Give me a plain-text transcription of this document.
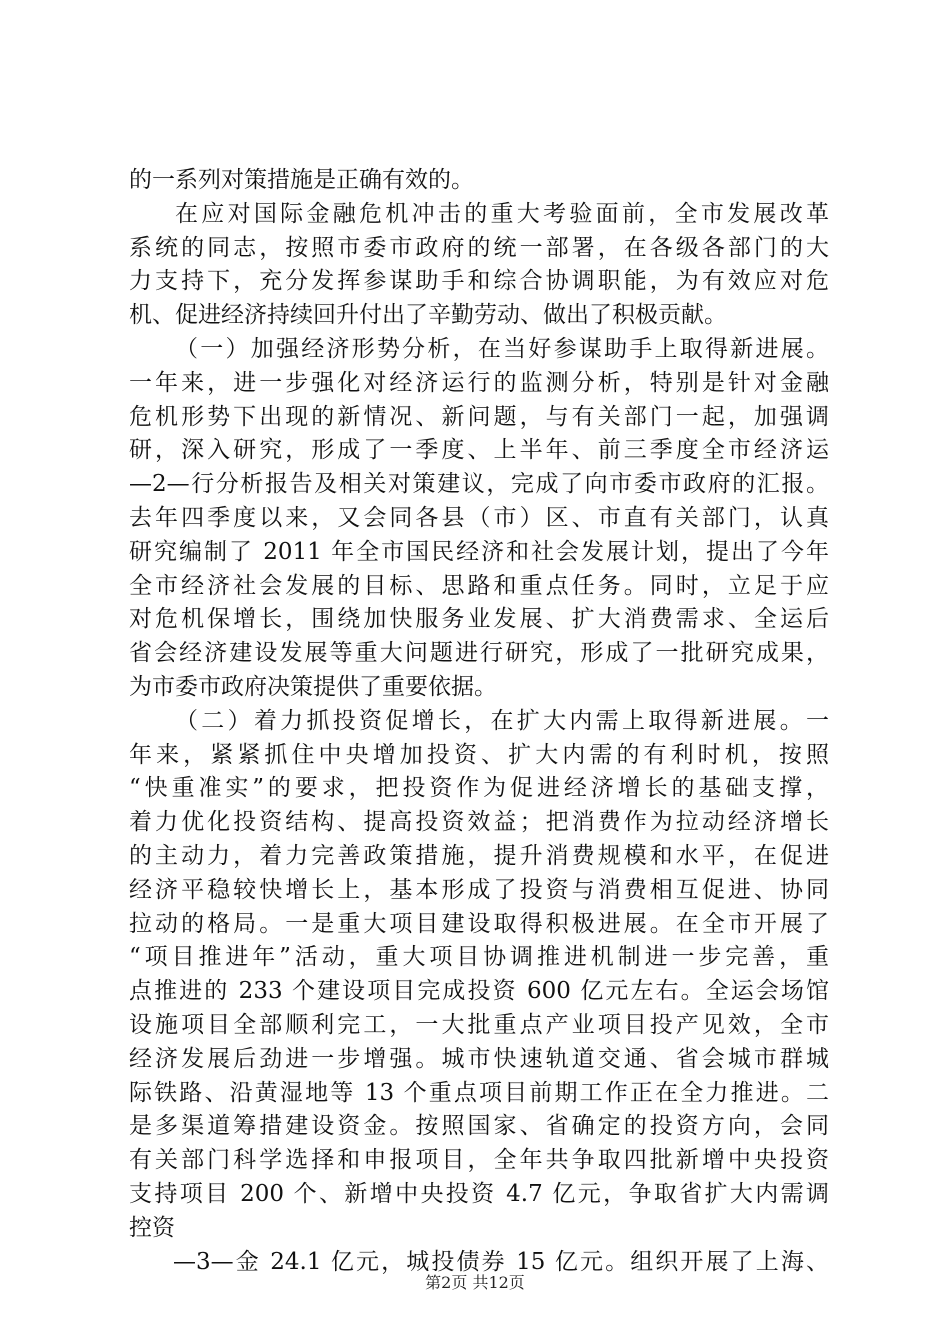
的一系列对策措施是正确有效的。
在应对国际金融危机冲击的重大考验面前，全市发展改革
系统的同志，按照市委市政府的统一部署，在各级各部门的大
力支持下，充分发挥参谋助手和综合协调职能，为有效应对危
机、促进经济持续回升付出了辛勤劳动、做出了积极贡献。
（一）加强经济形势分析，在当好参谋助手上取得新进展。
一年来，进一步强化对经济运行的监测分析，特别是针对金融
危机形势下出现的新情况、新问题，与有关部门一起，加强调
研，深入研究，形成了一季度、上半年、前三季度全市经济运
—2—行分析报告及相关对策建议，完成了向市委市政府的汇报。
去年四季度以来，又会同各县（市）区、市直有关部门，认真
研究编制了 2011 年全市国民经济和社会发展计划，提出了今年
全市经济社会发展的目标、思路和重点任务。同时，立足于应
对危机保增长，围绕加快服务业发展、扩大消费需求、全运后
省会经济建设发展等重大问题进行研究，形成了一批研究成果，
为市委市政府决策提供了重要依据。
（二）着力抓投资促增长，在扩大内需上取得新进展。一
年来，紧紧抓住中央增加投资、扩大内需的有利时机，按照
“快重准实”的要求，把投资作为促进经济增长的基础支撑，
着力优化投资结构、提高投资效益；把消费作为拉动经济增长
的主动力，着力完善政策措施，提升消费规模和水平，在促进
经济平稳较快增长上，基本形成了投资与消费相互促进、协同
拉动的格局。一是重大项目建设取得积极进展。在全市开展了
“项目推进年”活动，重大项目协调推进机制进一步完善，重
点推进的 233 个建设项目完成投资 600 亿元左右。全运会场馆
设施项目全部顺利完工，一大批重点产业项目投产见效，全市
经济发展后劲进一步增强。城市快速轨道交通、省会城市群城
际铁路、沿黄湿地等 13 个重点项目前期工作正在全力推进。二
是多渠道筹措建设资金。按照国家、省确定的投资方向，会同
有关部门科学选择和申报项目，全年共争取四批新增中央投资
支持项目 200 个、新增中央投资 4.7 亿元，争取省扩大内需调
控资
—3—金 24.1 亿元，城投债券 15 亿元。组织开展了上海、
第2页 共12页
